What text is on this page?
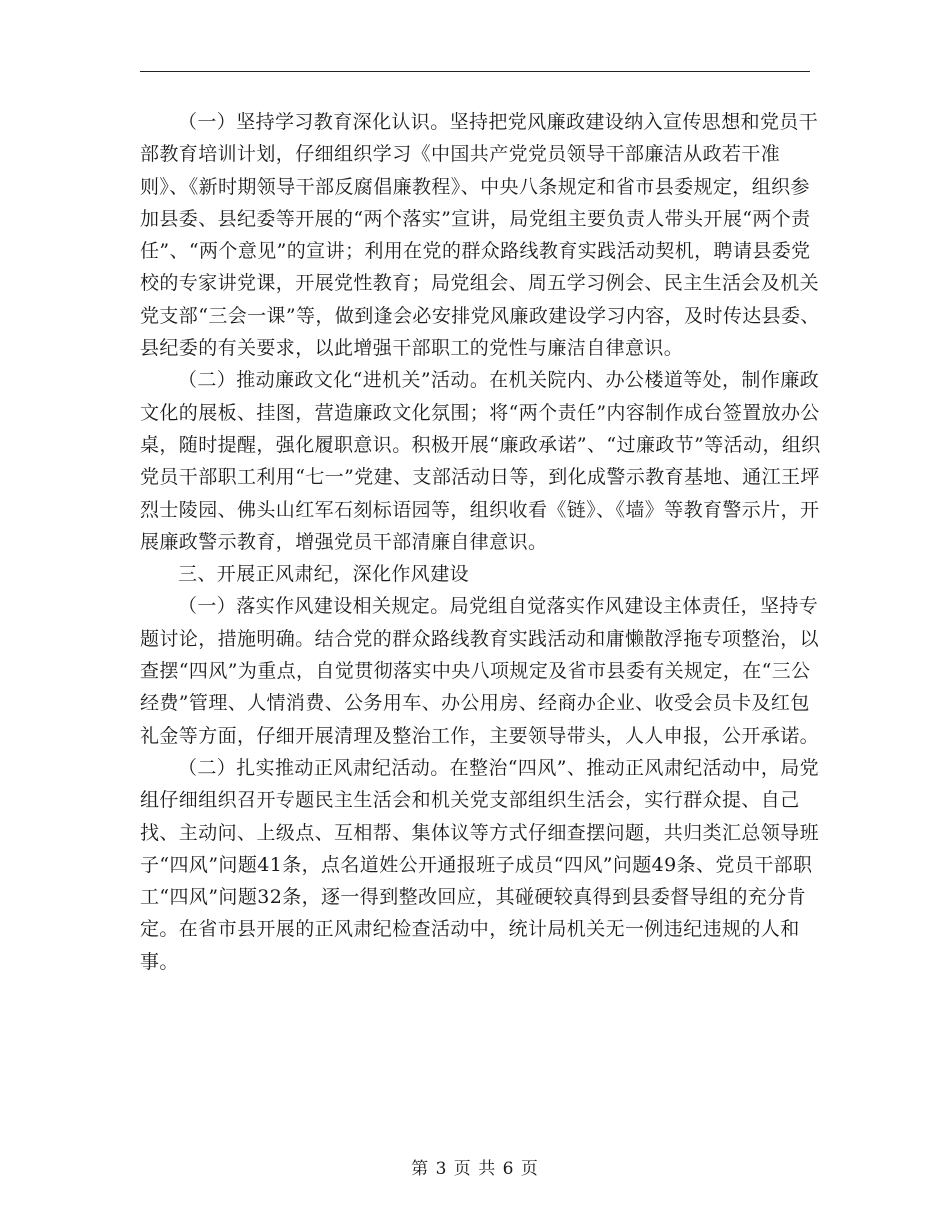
（一）坚持学习教育深化认识。坚持把党风廉政建设纳入宣传思想和党员干部教育培训计划，仔细组织学习《中国共产党党员领导干部廉洁从政若干准则》、《新时期领导干部反腐倡廉教程》、中央八条规定和省市县委规定，组织参加县委、县纪委等开展的“两个落实”宣讲，局党组主要负责人带头开展“两个责任”、“两个意见”的宣讲；利用在党的群众路线教育实践活动契机，聘请县委党校的专家讲党课，开展党性教育；局党组会、周五学习例会、民主生活会及机关党支部“三会一课”等，做到逢会必安排党风廉政建设学习内容，及时传达县委、县纪委的有关要求，以此增强干部职工的党性与廉洁自律意识。

（二）推动廉政文化“进机关”活动。在机关院内、办公楼道等处，制作廉政文化的展板、挂图，营造廉政文化氛围；将“两个责任”内容制作成台签置放办公桌，随时提醒，强化履职意识。积极开展“廉政承诺”、“过廉政节”等活动，组织党员干部职工利用“七一”党建、支部活动日等，到化成警示教育基地、通江王坪烈士陵园、佛头山红军石刻标语园等，组织收看《链》、《墙》等教育警示片，开展廉政警示教育，增强党员干部清廉自律意识。

三、开展正风肃纪，深化作风建设

（一）落实作风建设相关规定。局党组自觉落实作风建设主体责任，坚持专题讨论，措施明确。结合党的群众路线教育实践活动和庸懒散浮拖专项整治，以查摆“四风”为重点，自觉贯彻落实中央八项规定及省市县委有关规定，在“三公经费”管理、人情消费、公务用车、办公用房、经商办企业、收受会员卡及红包礼金等方面，仔细开展清理及整治工作，主要领导带头，人人申报，公开承诺。

（二）扎实推动正风肃纪活动。在整治“四风”、推动正风肃纪活动中，局党组仔细组织召开专题民主生活会和机关党支部组织生活会，实行群众提、自己找、主动问、上级点、互相帮、集体议等方式仔细查摆问题，共归类汇总领导班子“四风”问题41条，点名道姓公开通报班子成员“四风”问题49条、党员干部职工“四风”问题32条，逐一得到整改回应，其碰硬较真得到县委督导组的充分肯定。在省市县开展的正风肃纪检查活动中，统计局机关无一例违纪违规的人和事。

第 3 页 共 6 页
